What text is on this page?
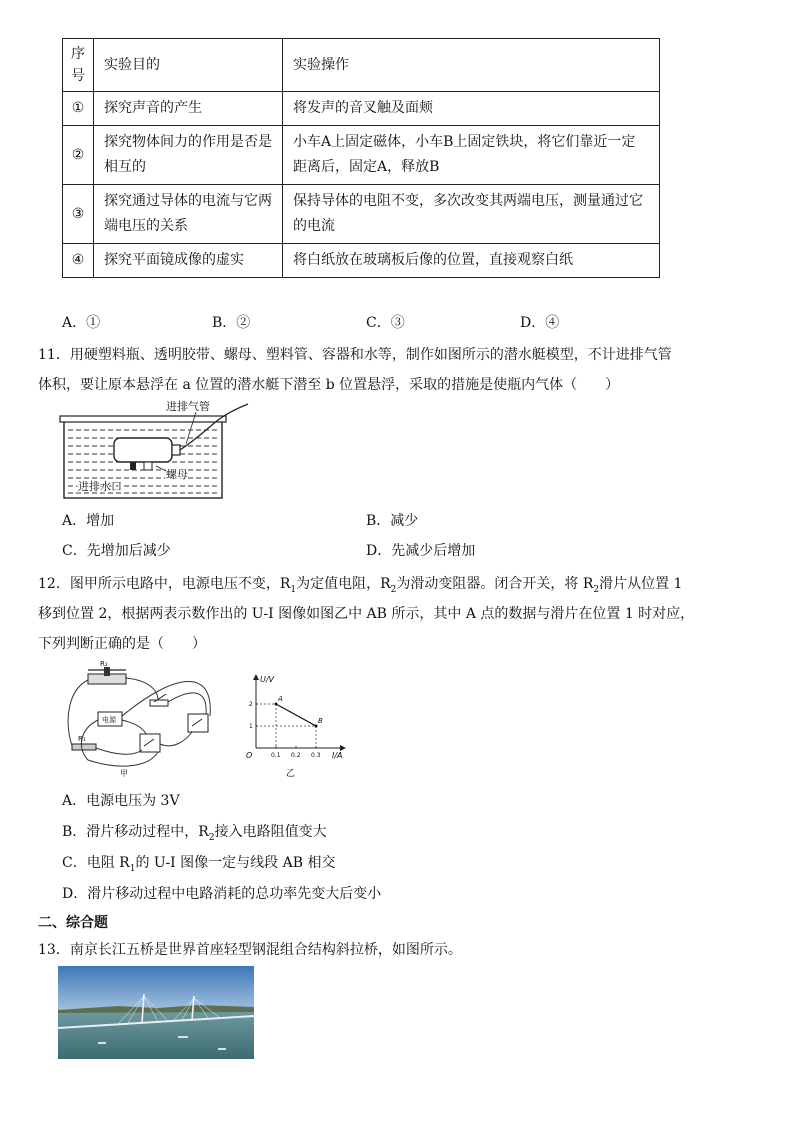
序号	实验目的	实验操作
①	探究声音的产生	将发声的音叉触及面颊
②	探究物体间力的作用是否是相互的	小车A上固定磁体，小车B上固定铁块，将它们靠近一定距离后，固定A，释放B
③	探究通过导体的电流与它两端电压的关系	保持导体的电阻不变，多次改变其两端电压，测量通过它的电流
④	探究平面镜成像的虚实	将白纸放在玻璃板后像的位置，直接观察白纸
A．①	B．②	C．③	D．④
11．用硬塑料瓶、透明胶带、螺母、塑料管、容器和水等，制作如图所示的潜水艇模型，不计进排气管
体积，要让原本悬浮在 a 位置的潜水艇下潜至 b 位置悬浮，采取的措施是使瓶内气体（　　）
进排气管
螺母
进排水口
A．增加	B．减少
C．先增加后减少	D．先减少后增加
12．图甲所示电路中，电源电压不变，$R_1$为定值电阻，$R_2$为滑动变阻器。闭合开关，将 $R_2$滑片从位置 1
移到位置 2，根据两表示数作出的 U-I 图像如图乙中 AB 所示，其中 A 点的数据与滑片在位置 1 时对应，
下列判断正确的是（　　）
R₂
电源
R₁
甲
A
B
0.1 0.2 0.3
1
2
U/V
I/A
O
乙
A．电源电压为 3V
B．滑片移动过程中，$R_2$接入电路阻值变大
C．电阻 $R_1$的 U-I 图像一定与线段 AB 相交
D．滑片移动过程中电路消耗的总功率先变大后变小
二、综合题
13．南京长江五桥是世界首座轻型钢混组合结构斜拉桥，如图所示。
